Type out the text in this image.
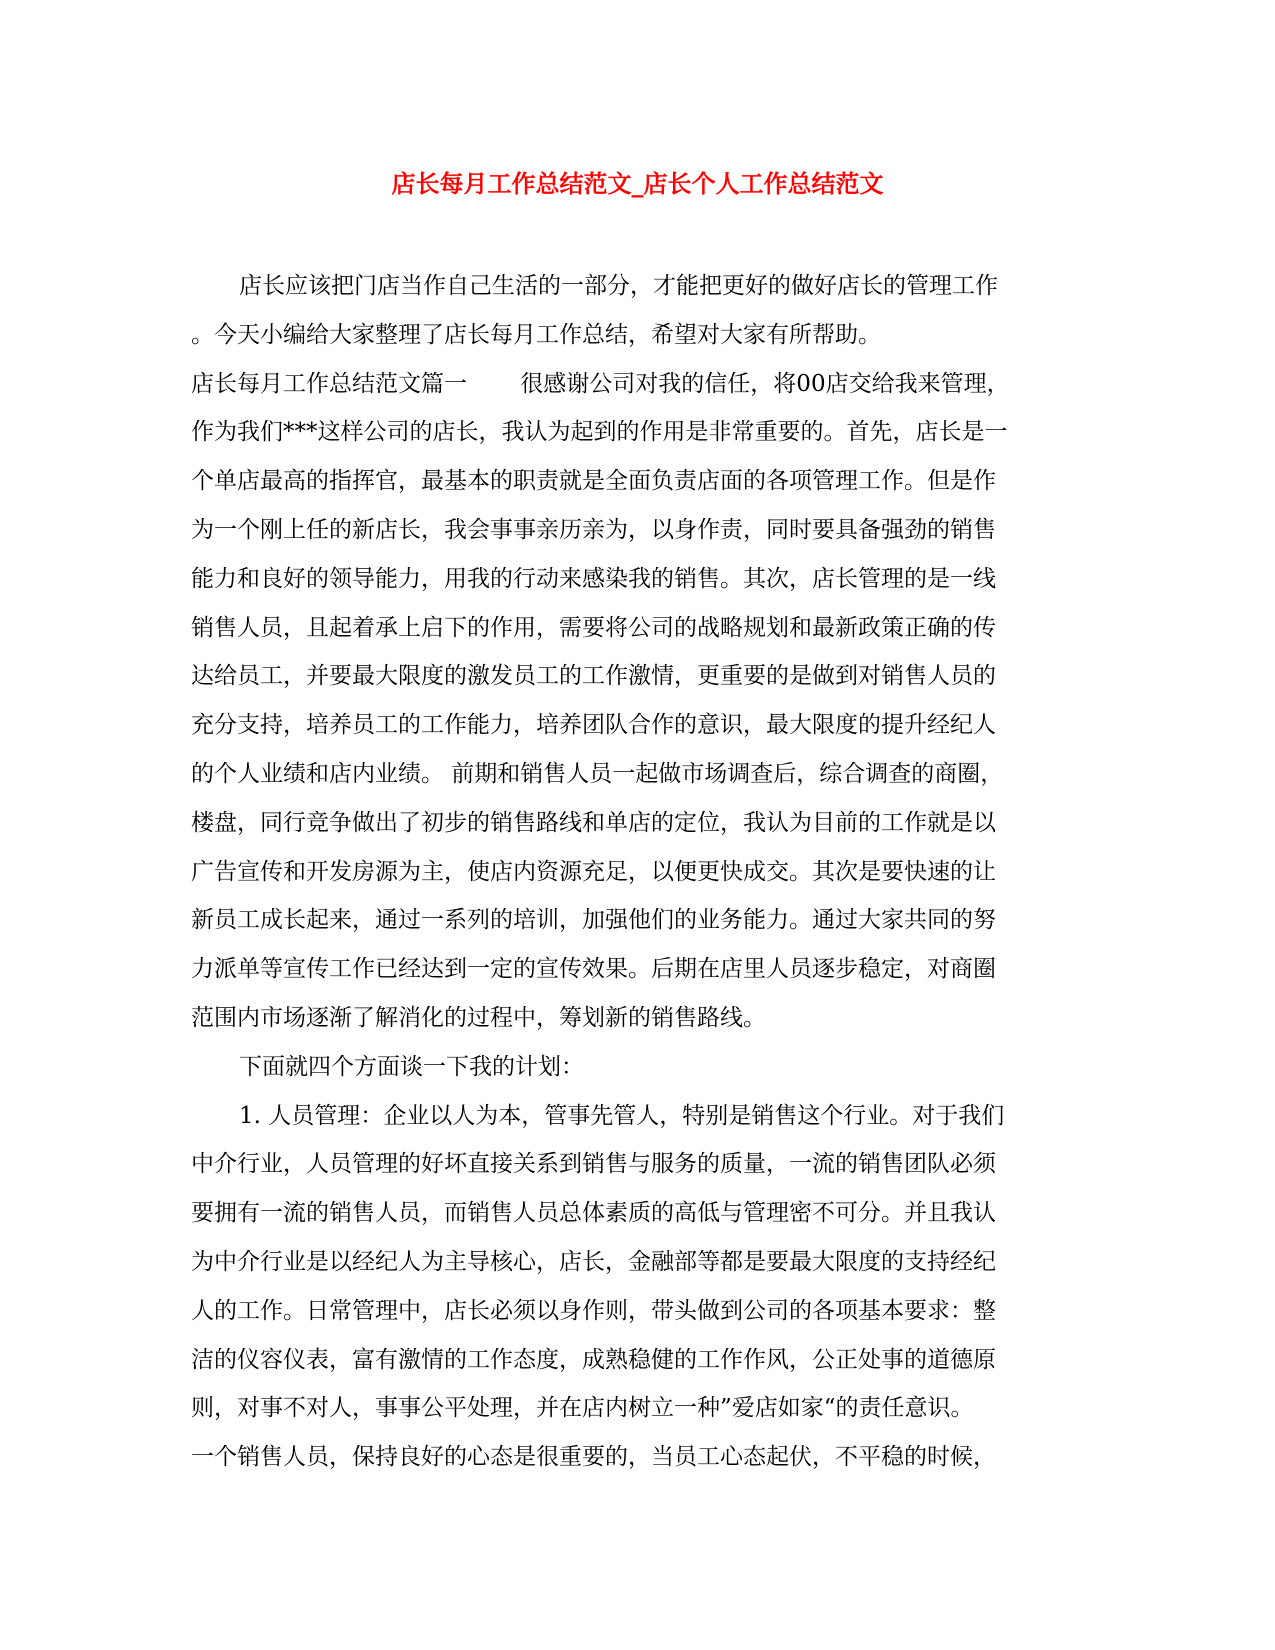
店长每月工作总结范文_店长个人工作总结范文
店长应该把门店当作自己生活的一部分，才能把更好的做好店长的管理工作
。今天小编给大家整理了店长每月工作总结，希望对大家有所帮助。
店长每月工作总结范文篇一　　 很感谢公司对我的信任，将00店交给我来管理，
作为我们***这样公司的店长，我认为起到的作用是非常重要的。首先，店长是一
个单店最高的指挥官，最基本的职责就是全面负责店面的各项管理工作。但是作
为一个刚上任的新店长，我会事事亲历亲为，以身作责，同时要具备强劲的销售
能力和良好的领导能力，用我的行动来感染我的销售。其次，店长管理的是一线
销售人员，且起着承上启下的作用，需要将公司的战略规划和最新政策正确的传
达给员工，并要最大限度的激发员工的工作激情，更重要的是做到对销售人员的
充分支持，培养员工的工作能力，培养团队合作的意识，最大限度的提升经纪人
的个人业绩和店内业绩。 前期和销售人员一起做市场调查后，综合调查的商圈，
楼盘，同行竞争做出了初步的销售路线和单店的定位，我认为目前的工作就是以
广告宣传和开发房源为主，使店内资源充足，以便更快成交。其次是要快速的让
新员工成长起来，通过一系列的培训，加强他们的业务能力。通过大家共同的努
力派单等宣传工作已经达到一定的宣传效果。后期在店里人员逐步稳定，对商圈
范围内市场逐渐了解消化的过程中，筹划新的销售路线。
下面就四个方面谈一下我的计划：
1. 人员管理：企业以人为本，管事先管人，特别是销售这个行业。对于我们
中介行业，人员管理的好坏直接关系到销售与服务的质量，一流的销售团队必须
要拥有一流的销售人员，而销售人员总体素质的高低与管理密不可分。并且我认
为中介行业是以经纪人为主导核心，店长，金融部等都是要最大限度的支持经纪
人的工作。日常管理中，店长必须以身作则，带头做到公司的各项基本要求：整
洁的仪容仪表，富有激情的工作态度，成熟稳健的工作作风，公正处事的道德原
则，对事不对人，事事公平处理，并在店内树立一种”爱店如家“的责任意识。
一个销售人员，保持良好的心态是很重要的，当员工心态起伏，不平稳的时候，
